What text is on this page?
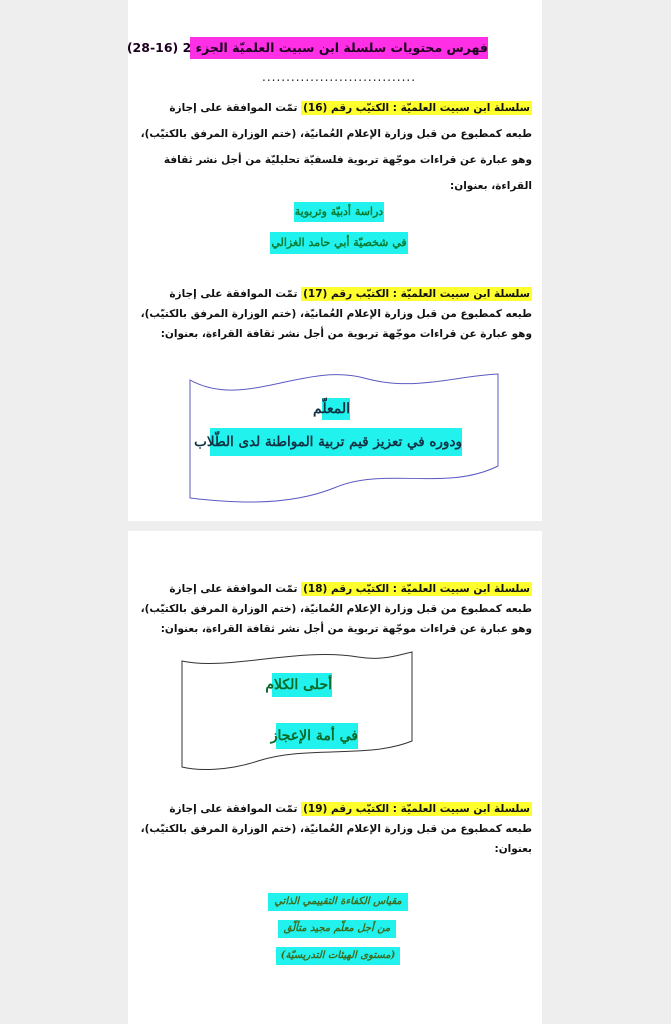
فهرس محتويات سلسلة ابن سبيت العلميّة الجزء 2 (16-28)
................................

سلسلة ابن سبيت العلميّة : الكتيّب رقم (16) تمّت الموافقة على إجازة

طبعه كمطبوع من قبل وزارة الإعلام العُمانيّة، (ختم الوزارة المرفق بالكتيّب)،

وهو عبارة عن قراءات موجّهة تربوية فلسفيّة تحليليّة من أجل نشر ثقافة

القراءة، بعنوان:

دراسة أدبيّة وتربوية
في شخصيّة أبي حامد الغزالي

سلسلة ابن سبيت العلميّة : الكتيّب رقم (17) تمّت الموافقة على إجازة

طبعه كمطبوع من قبل وزارة الإعلام العُمانيّة، (ختم الوزارة المرفق بالكتيّب)،

وهو عبارة عن قراءات موجّهة تربوية من أجل نشر ثقافة القراءة، بعنوان:

المعلّم
ودوره في تعزيز قيم تربية المواطنة لدى الطّلاب

سلسلة ابن سبيت العلميّة : الكتيّب رقم (18) تمّت الموافقة على إجازة

طبعه كمطبوع من قبل وزارة الإعلام العُمانيّة، (ختم الوزارة المرفق بالكتيّب)،

وهو عبارة عن قراءات موجّهة تربوية من أجل نشر ثقافة القراءة، بعنوان:

أحلى الكلام
في أمة الإعجاز

سلسلة ابن سبيت العلميّة : الكتيّب رقم (19) تمّت الموافقة على إجازة

طبعه كمطبوع من قبل وزارة الإعلام العُمانيّة، (ختم الوزارة المرفق بالكتيّب)،

بعنوان:

مقياس الكفاءة التقييمي الذاتي
من أجل معلّم مجيد متألّق
(مستوى الهيئات التدريسيّة)
